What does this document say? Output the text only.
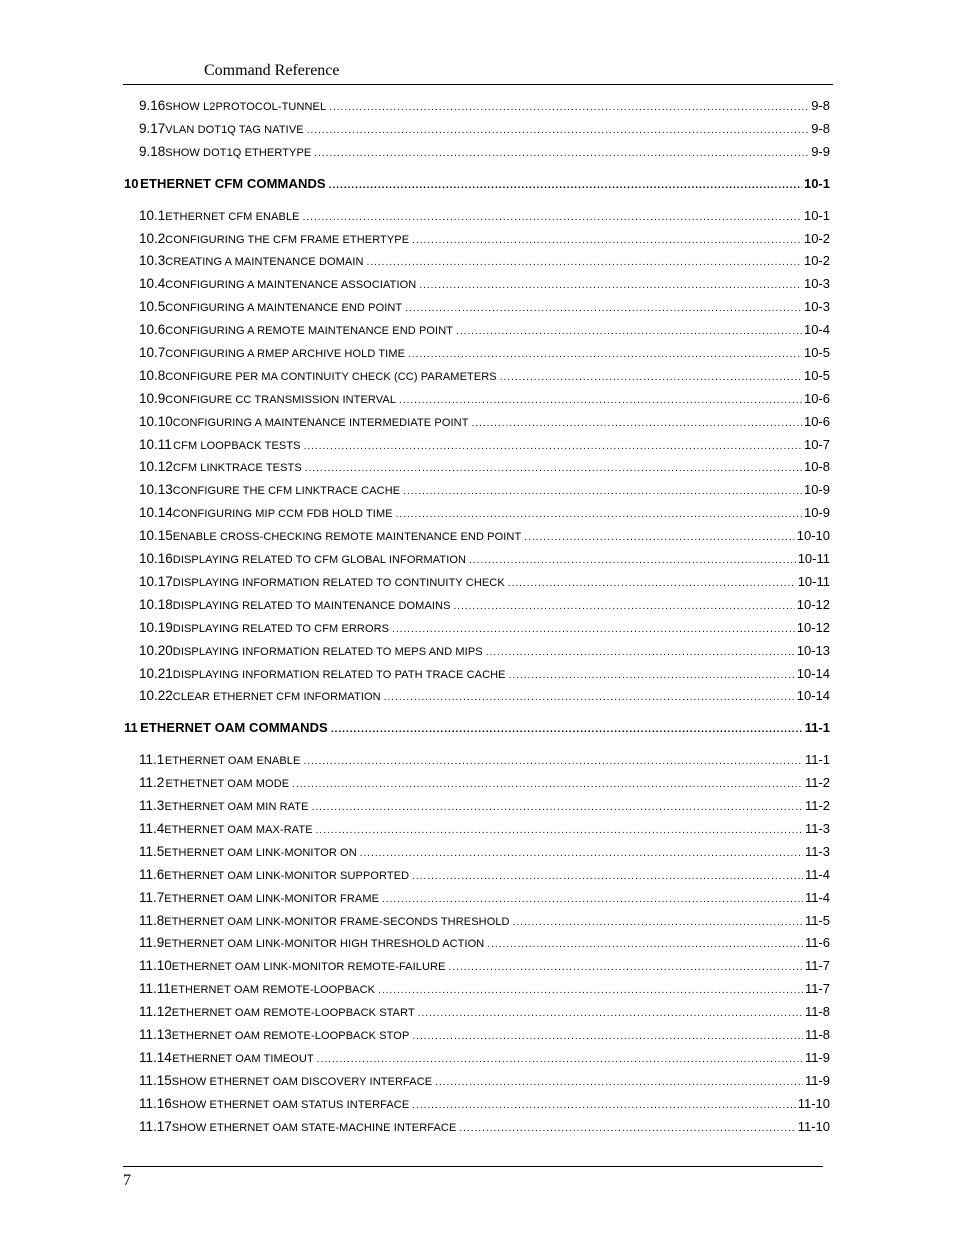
Command Reference
9.16 SHOW L2PROTOCOL-TUNNEL .....	9-8
9.17 VLAN DOT1Q TAG NATIVE .....	9-8
9.18 SHOW DOT1Q ETHERTYPE .....	9-9
10 ETHERNET CFM COMMANDS .....	10-1
10.1 ETHERNET CFM ENABLE .....	10-1
10.2 CONFIGURING THE CFM FRAME ETHERTYPE .....	10-2
10.3 CREATING A MAINTENANCE DOMAIN .....	10-2
10.4 CONFIGURING A MAINTENANCE ASSOCIATION .....	10-3
10.5 CONFIGURING A MAINTENANCE END POINT .....	10-3
10.6 CONFIGURING A REMOTE MAINTENANCE END POINT .....	10-4
10.7 CONFIGURING A RMEP ARCHIVE HOLD TIME .....	10-5
10.8 CONFIGURE PER MA CONTINUITY CHECK (CC) PARAMETERS .....	10-5
10.9 CONFIGURE CC TRANSMISSION INTERVAL .....	10-6
10.10 CONFIGURING A MAINTENANCE INTERMEDIATE POINT .....	10-6
10.11 CFM LOOPBACK TESTS .....	10-7
10.12 CFM LINKTRACE TESTS .....	10-8
10.13 CONFIGURE THE CFM LINKTRACE CACHE .....	10-9
10.14 CONFIGURING MIP CCM FDB HOLD TIME .....	10-9
10.15 ENABLE CROSS-CHECKING REMOTE MAINTENANCE END POINT .....	10-10
10.16 DISPLAYING RELATED TO CFM GLOBAL INFORMATION .....	10-11
10.17 DISPLAYING INFORMATION RELATED TO CONTINUITY CHECK .....	10-11
10.18 DISPLAYING RELATED TO MAINTENANCE DOMAINS .....	10-12
10.19 DISPLAYING RELATED TO CFM ERRORS .....	10-12
10.20 DISPLAYING INFORMATION RELATED TO MEPS AND MIPS .....	10-13
10.21 DISPLAYING INFORMATION RELATED TO PATH TRACE CACHE .....	10-14
10.22 CLEAR ETHERNET CFM INFORMATION .....	10-14
11 ETHERNET OAM COMMANDS .....	11-1
11.1 ETHERNET OAM ENABLE .....	11-1
11.2 ETHETNET OAM MODE .....	11-2
11.3 ETHERNET OAM MIN RATE .....	11-2
11.4 ETHERNET OAM MAX-RATE .....	11-3
11.5 ETHERNET OAM LINK-MONITOR ON .....	11-3
11.6 ETHERNET OAM LINK-MONITOR SUPPORTED .....	11-4
11.7 ETHERNET OAM LINK-MONITOR FRAME .....	11-4
11.8 ETHERNET OAM LINK-MONITOR FRAME-SECONDS THRESHOLD .....	11-5
11.9 ETHERNET OAM LINK-MONITOR HIGH THRESHOLD ACTION .....	11-6
11.10 ETHERNET OAM LINK-MONITOR REMOTE-FAILURE .....	11-7
11.11 ETHERNET OAM REMOTE-LOOPBACK .....	11-7
11.12 ETHERNET OAM REMOTE-LOOPBACK START .....	11-8
11.13 ETHERNET OAM REMOTE-LOOPBACK STOP .....	11-8
11.14 ETHERNET OAM TIMEOUT .....	11-9
11.15 SHOW ETHERNET OAM DISCOVERY INTERFACE .....	11-9
11.16 SHOW ETHERNET OAM STATUS INTERFACE .....	11-10
11.17 SHOW ETHERNET OAM STATE-MACHINE INTERFACE .....	11-10
7
